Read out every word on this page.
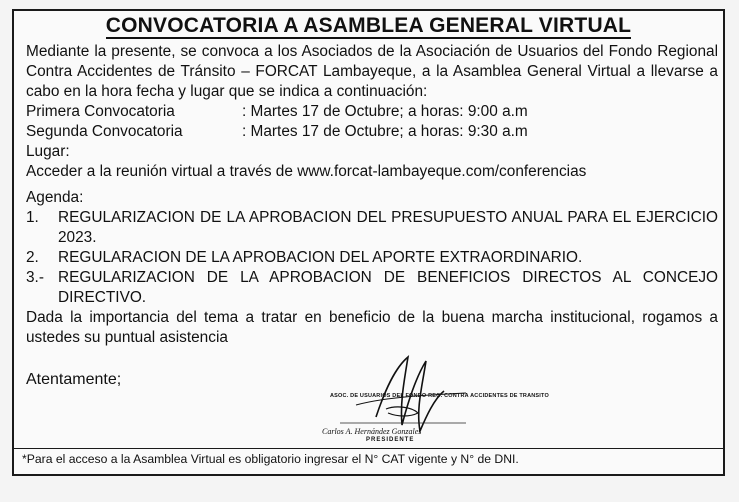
CONVOCATORIA A ASAMBLEA GENERAL VIRTUAL

Mediante la presente, se convoca a los Asociados de la Asociación de Usuarios del Fondo Regional Contra Accidentes de Tránsito – FORCAT Lambayeque, a la Asamblea General Virtual a llevarse a cabo en la hora fecha y lugar que se indica a continuación:

Primera Convocatoria	: Martes 17 de Octubre; a horas: 9:00 a.m
Segunda Convocatoria	: Martes 17 de Octubre; a horas: 9:30 a.m

Lugar:

Acceder a la reunión virtual a través de www.forcat-lambayeque.com/conferencias

Agenda:

1.	REGULARIZACION DE LA APROBACION DEL PRESUPUESTO ANUAL PARA EL EJERCICIO 2023.
2.	REGULARACION DE LA APROBACION DEL APORTE EXTRAORDINARIO.
3.- REGULARIZACION DE LA APROBACION DE BENEFICIOS DIRECTOS AL CONCEJO DIRECTIVO.

Dada la importancia del tema a tratar en beneficio de la buena marcha institucional, rogamos a ustedes su puntual asistencia

Atentamente;
ASOC. DE USUARIOS DEL FONDO REG. CONTRA ACCIDENTES DE TRANSITO
Carlos A. Hernández Gonzales
PRESIDENTE
*Para el acceso a la Asamblea Virtual es obligatorio ingresar el N° CAT vigente y N° de DNI.
